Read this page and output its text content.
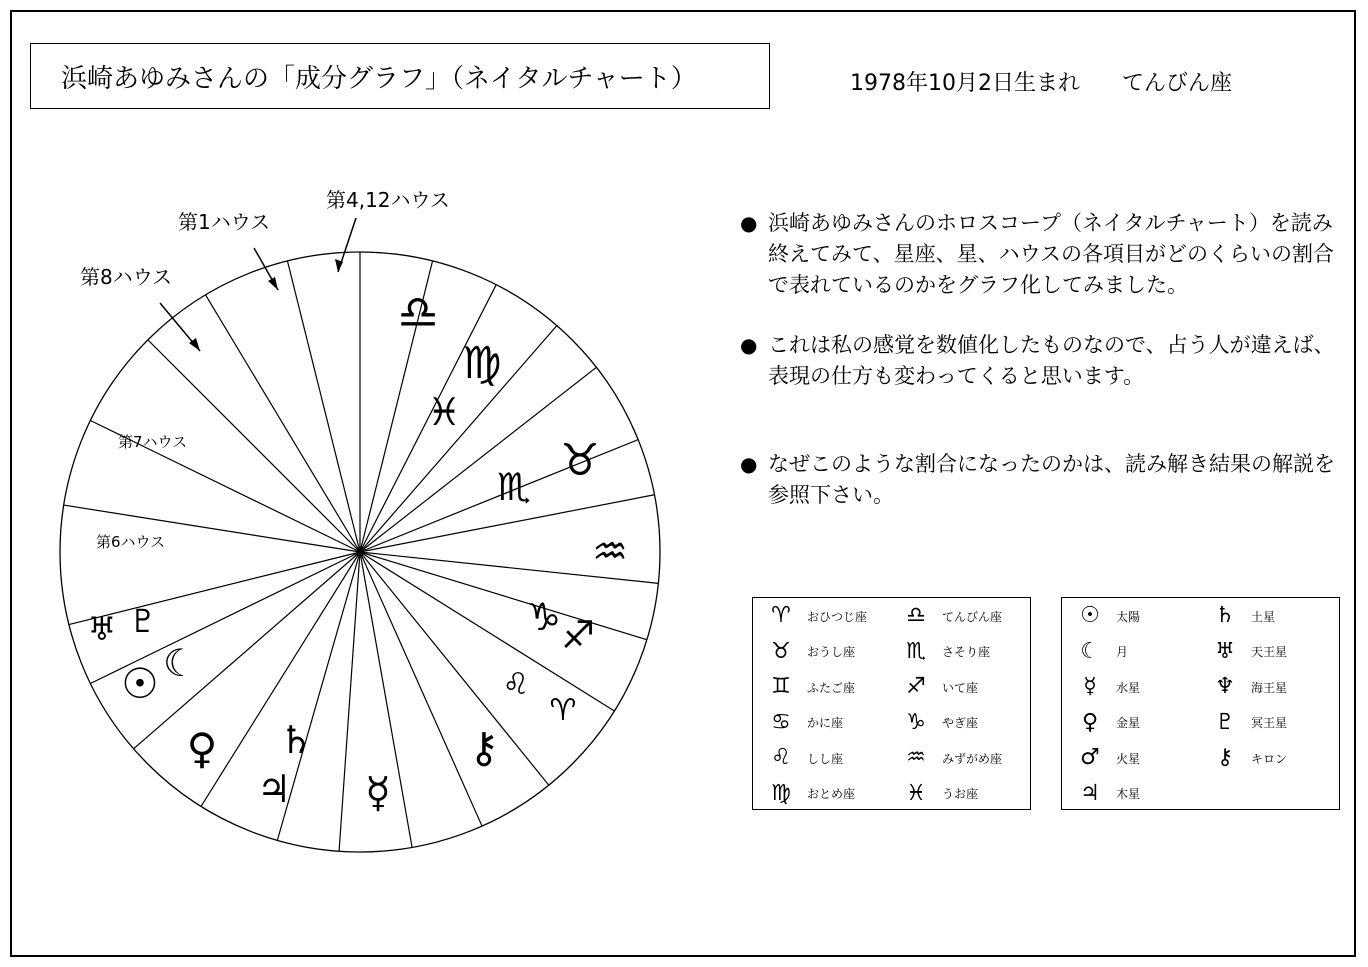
浜崎あゆみさんの「成分グラフ」（ネイタルチャート）	1978年10月2日生まれ てんびん座
♎
♍
♓
♉
♏
♒
♑ ♐
♌
♈
⚷
☿
♄
♃
♀
☉ ☾
♅ ♇
第4,12ハウス
第1ハウス
第8ハウス
第7ハウス
第6ハウス
● 浜崎あゆみさんのホロスコープ（ネイタルチャート）を読み終えてみて、星座、星、ハウスの各項目がどのくらいの割合で表れているのかをグラフ化してみました。
● これは私の感覚を数値化したものなので、占う人が違えば、表現の仕方も変わってくると思います。
● なぜこのような割合になったのかは、読み解き結果の解説を参照下さい。
♈	おひつじ座	♎	てんびん座
♉	おうし座	♏	さそり座
♊	ふたご座	♐	いて座
♋	かに座	♑	やぎ座
♌	しし座	♒	みずがめ座
♍	おとめ座	♓	うお座
☉	太陽	♄	土星
☾	月	♅	天王星
☿	水星	♆	海王星
♀	金星	♇	冥王星
♂	火星	⚷	キロン
♃	木星
